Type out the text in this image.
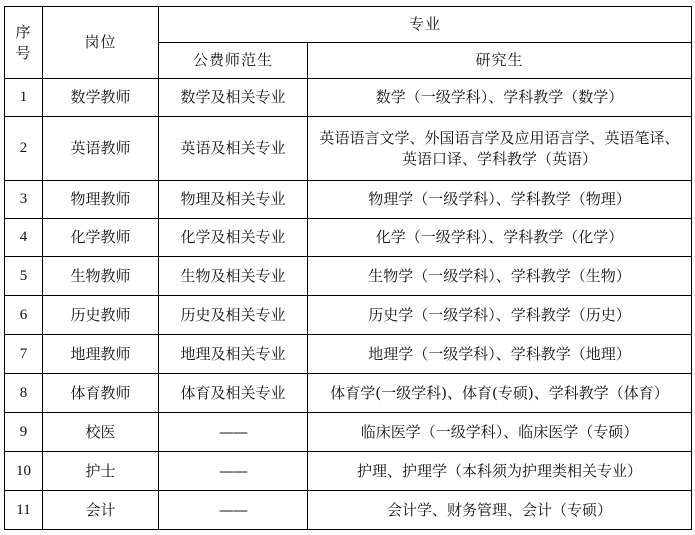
序
号	岗位	专业	
		公费师范生	研究生
1	数学教师	数学及相关专业	数学（一级学科）、学科教学（数学）
2	英语教师	英语及相关专业	英语语言文学、外国语言学及应用语言学、英语笔译、
英语口译、学科教学（英语）
3	物理教师	物理及相关专业	物理学（一级学科）、学科教学（物理）
4	化学教师	化学及相关专业	化学（一级学科）、学科教学（化学）
5	生物教师	生物及相关专业	生物学（一级学科）、学科教学（生物）
6	历史教师	历史及相关专业	历史学（一级学科）、学科教学（历史）
7	地理教师	地理及相关专业	地理学（一级学科）、学科教学（地理）
8	体育教师	体育及相关专业	体育学(一级学科)、体育(专硕)、学科教学（体育）
9	校医	——	临床医学（一级学科）、临床医学（专硕）
10	护士	——	护理、护理学（本科须为护理类相关专业）
11	会计	——	会计学、财务管理、会计（专硕）
